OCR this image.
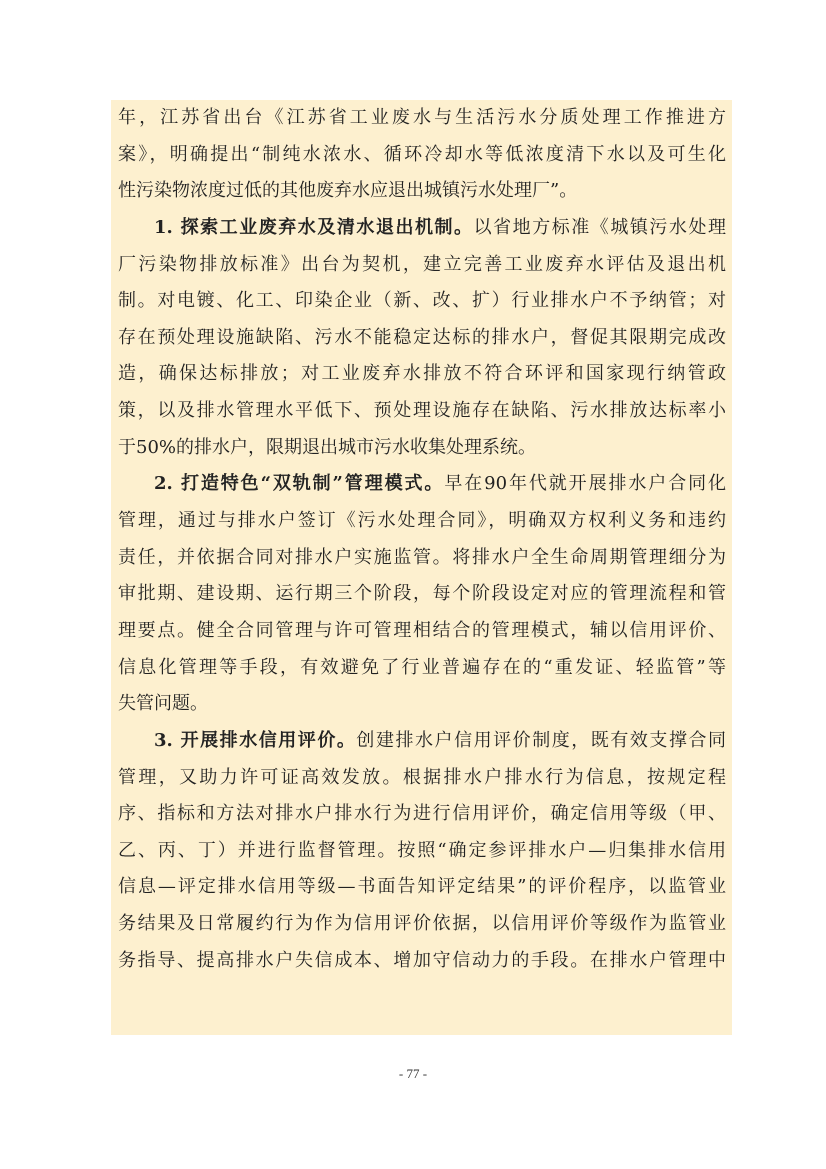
年，江苏省出台《江苏省工业废水与生活污水分质处理工作推进方
案》，明确提出“制纯水浓水、循环冷却水等低浓度清下水以及可生化
性污染物浓度过低的其他废弃水应退出城镇污水处理厂”。
1. 探索工业废弃水及清水退出机制。以省地方标准《城镇污水处理
厂污染物排放标准》出台为契机，建立完善工业废弃水评估及退出机
制。对电镀、化工、印染企业（新、改、扩）行业排水户不予纳管；对
存在预处理设施缺陷、污水不能稳定达标的排水户，督促其限期完成改
造，确保达标排放；对工业废弃水排放不符合环评和国家现行纳管政
策，以及排水管理水平低下、预处理设施存在缺陷、污水排放达标率小
于50%的排水户，限期退出城市污水收集处理系统。
2. 打造特色“双轨制”管理模式。早在90年代就开展排水户合同化
管理，通过与排水户签订《污水处理合同》，明确双方权利义务和违约
责任，并依据合同对排水户实施监管。将排水户全生命周期管理细分为
审批期、建设期、运行期三个阶段，每个阶段设定对应的管理流程和管
理要点。健全合同管理与许可管理相结合的管理模式，辅以信用评价、
信息化管理等手段，有效避免了行业普遍存在的“重发证、轻监管”等
失管问题。
3. 开展排水信用评价。创建排水户信用评价制度，既有效支撑合同
管理，又助力许可证高效发放。根据排水户排水行为信息，按规定程
序、指标和方法对排水户排水行为进行信用评价，确定信用等级（甲、
乙、丙、丁）并进行监督管理。按照“确定参评排水户—归集排水信用
信息—评定排水信用等级—书面告知评定结果”的评价程序，以监管业
务结果及日常履约行为作为信用评价依据，以信用评价等级作为监管业
务指导、提高排水户失信成本、增加守信动力的手段。在排水户管理中
- 77 -
